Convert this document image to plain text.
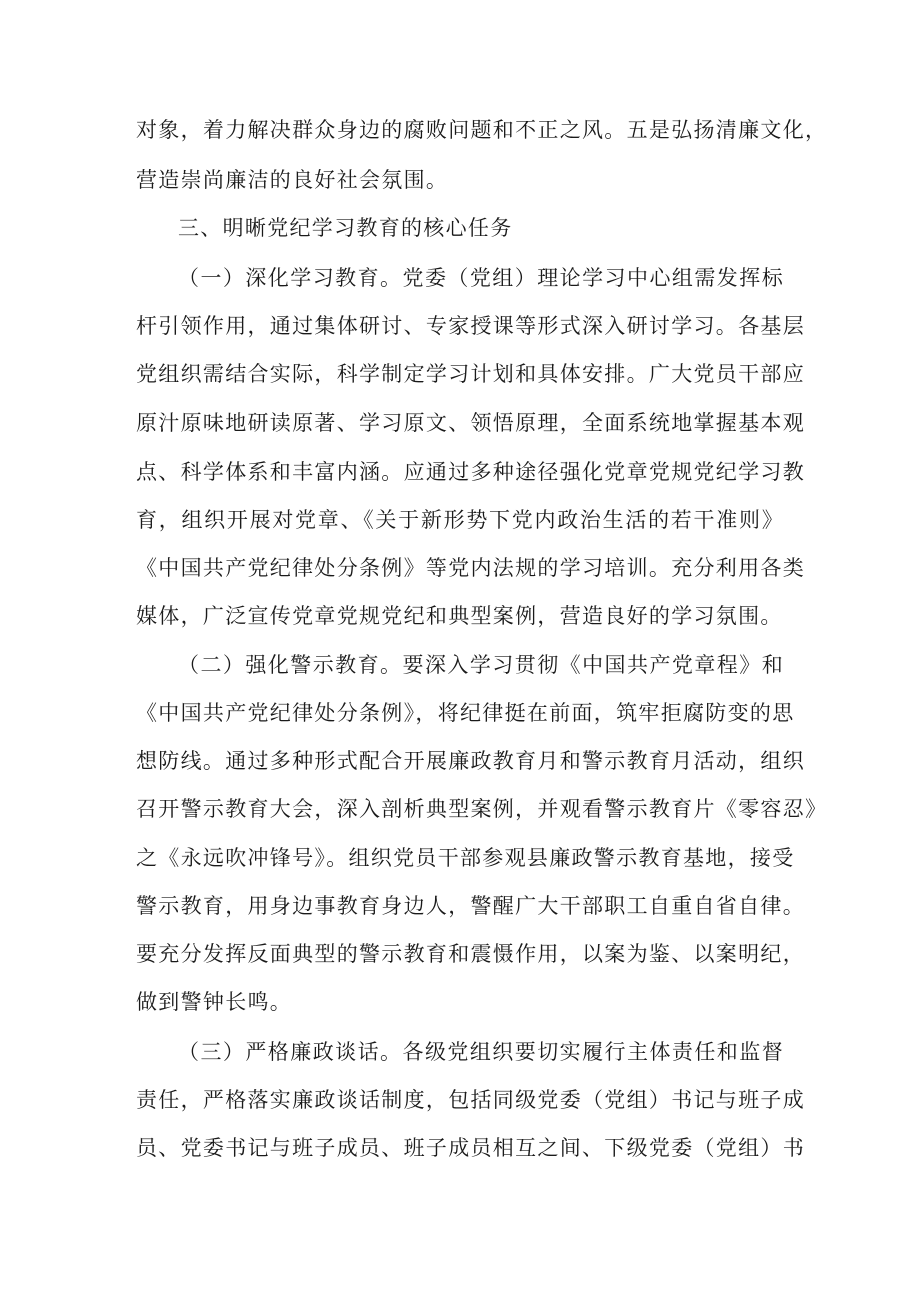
对象，着力解决群众身边的腐败问题和不正之风。五是弘扬清廉文化，
营造崇尚廉洁的良好社会氛围。
三、明晰党纪学习教育的核心任务
（一）深化学习教育。党委（党组）理论学习中心组需发挥标
杆引领作用，通过集体研讨、专家授课等形式深入研讨学习。各基层
党组织需结合实际，科学制定学习计划和具体安排。广大党员干部应
原汁原味地研读原著、学习原文、领悟原理，全面系统地掌握基本观
点、科学体系和丰富内涵。应通过多种途径强化党章党规党纪学习教
育，组织开展对党章、《关于新形势下党内政治生活的若干准则》
《中国共产党纪律处分条例》等党内法规的学习培训。充分利用各类
媒体，广泛宣传党章党规党纪和典型案例，营造良好的学习氛围。
（二）强化警示教育。要深入学习贯彻《中国共产党章程》和
《中国共产党纪律处分条例》，将纪律挺在前面，筑牢拒腐防变的思
想防线。通过多种形式配合开展廉政教育月和警示教育月活动，组织
召开警示教育大会，深入剖析典型案例，并观看警示教育片《零容忍》
之《永远吹冲锋号》。组织党员干部参观县廉政警示教育基地，接受
警示教育，用身边事教育身边人，警醒广大干部职工自重自省自律。
要充分发挥反面典型的警示教育和震慑作用，以案为鉴、以案明纪，
做到警钟长鸣。
（三）严格廉政谈话。各级党组织要切实履行主体责任和监督
责任，严格落实廉政谈话制度，包括同级党委（党组）书记与班子成
员、党委书记与班子成员、班子成员相互之间、下级党委（党组）书
